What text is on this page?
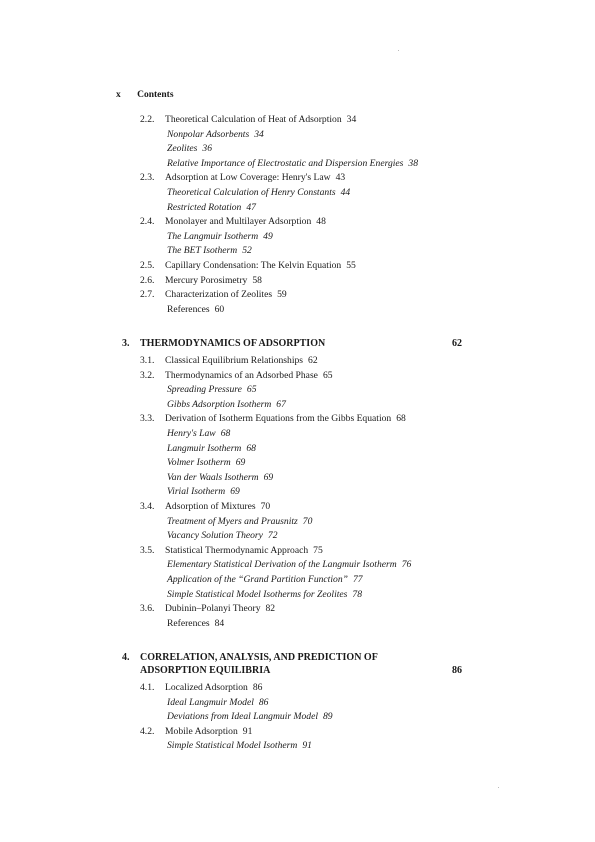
x Contents
2.2. Theoretical Calculation of Heat of Adsorption 34
Nonpolar Adsorbents 34
Zeolites 36
Relative Importance of Electrostatic and Dispersion Energies 38
2.3. Adsorption at Low Coverage: Henry's Law 43
Theoretical Calculation of Henry Constants 44
Restricted Rotation 47
2.4. Monolayer and Multilayer Adsorption 48
The Langmuir Isotherm 49
The BET Isotherm 52
2.5. Capillary Condensation: The Kelvin Equation 55
2.6. Mercury Porosimetry 58
2.7. Characterization of Zeolites 59
References 60
3. THERMODYNAMICS OF ADSORPTION	62
3.1. Classical Equilibrium Relationships 62
3.2. Thermodynamics of an Adsorbed Phase 65
Spreading Pressure 65
Gibbs Adsorption Isotherm 67
3.3. Derivation of Isotherm Equations from the Gibbs Equation 68
Henry's Law 68
Langmuir Isotherm 68
Volmer Isotherm 69
Van der Waals Isotherm 69
Virial Isotherm 69
3.4. Adsorption of Mixtures 70
Treatment of Myers and Prausnitz 70
Vacancy Solution Theory 72
3.5. Statistical Thermodynamic Approach 75
Elementary Statistical Derivation of the Langmuir Isotherm 76
Application of the “Grand Partition Function” 77
Simple Statistical Model Isotherms for Zeolites 78
3.6. Dubinin–Polanyi Theory 82
References 84
4. CORRELATION, ANALYSIS, AND PREDICTION OF
ADSORPTION EQUILIBRIA	86
4.1. Localized Adsorption 86
Ideal Langmuir Model 86
Deviations from Ideal Langmuir Model 89
4.2. Mobile Adsorption 91
Simple Statistical Model Isotherm 91
